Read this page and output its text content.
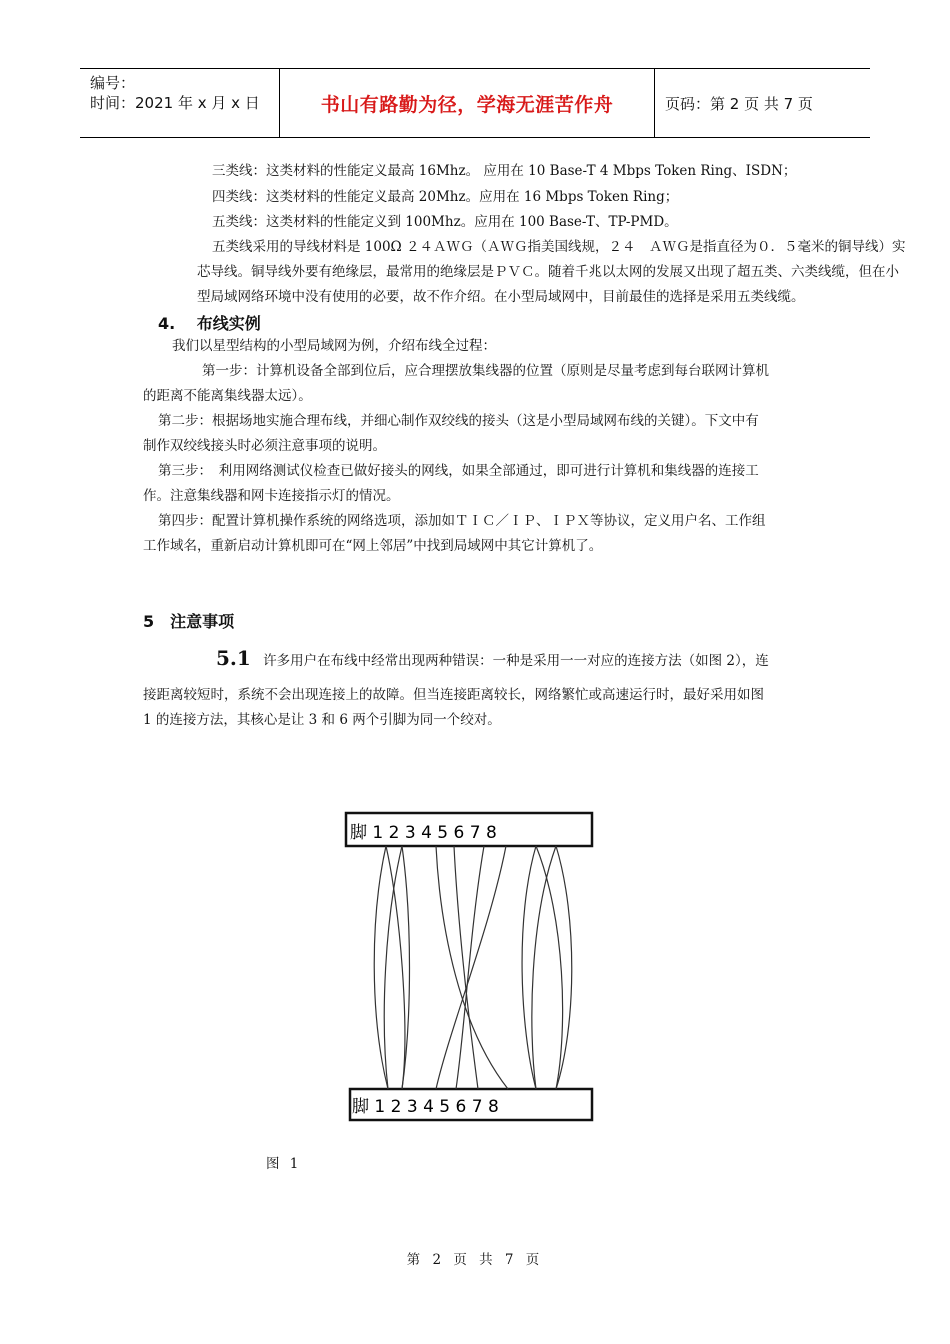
编号：
时间：2021 年 x 月 x 日	书山有路勤为径，学海无涯苦作舟	页码：第 2 页 共 7 页
三类线：这类材料的性能定义最高 16Mhz。 应用在 10 Base-T 4 Mbps Token Ring、ISDN；
四类线：这类材料的性能定义最高 20Mhz。应用在 16 Mbps Token Ring；
五类线：这类材料的性能定义到 100Mhz。应用在 100 Base-T、TP-PMD。
五类线采用的导线材料是 100Ω ２４ＡＷＧ（ＡＷＧ指美国线规，２４　ＡＷＧ是指直径为０．５毫米的铜导线）实
芯导线。铜导线外要有绝缘层，最常用的绝缘层是ＰＶＣ。随着千兆以太网的发展又出现了超五类、六类线缆，但在小
型局域网络环境中没有使用的必要，故不作介绍。在小型局域网中，目前最佳的选择是采用五类线缆。
4.　 布线实例
我们以星型结构的小型局域网为例，介绍布线全过程：
第一步：计算机设备全部到位后，应合理摆放集线器的位置（原则是尽量考虑到每台联网计算机
的距离不能离集线器太远）。
第二步：根据场地实施合理布线，并细心制作双绞线的接头（这是小型局域网布线的关键）。下文中有
制作双绞线接头时必须注意事项的说明。
第三步：　利用网络测试仪检查已做好接头的网线，如果全部通过，即可进行计算机和集线器的连接工
作。注意集线器和网卡连接指示灯的情况。
第四步：配置计算机操作系统的网络选项，添加如ＴＩＣ／ＩＰ、ＩＰＸ等协议，定义用户名、工作组
工作域名，重新启动计算机即可在“网上邻居”中找到局域网中其它计算机了。
5　注意事项
5.1 许多用户在布线中经常出现两种错误：一种是采用一一对应的连接方法（如图 2），连
接距离较短时，系统不会出现连接上的故障。但当连接距离较长，网络繁忙或高速运行时，最好采用如图
1 的连接方法，其核心是让 3 和 6 两个引脚为同一个绞对。
脚 1 2 3 4 5 6 7 8
脚 1 2 3 4 5 6 7 8
图 1
第 2 页 共 7 页
